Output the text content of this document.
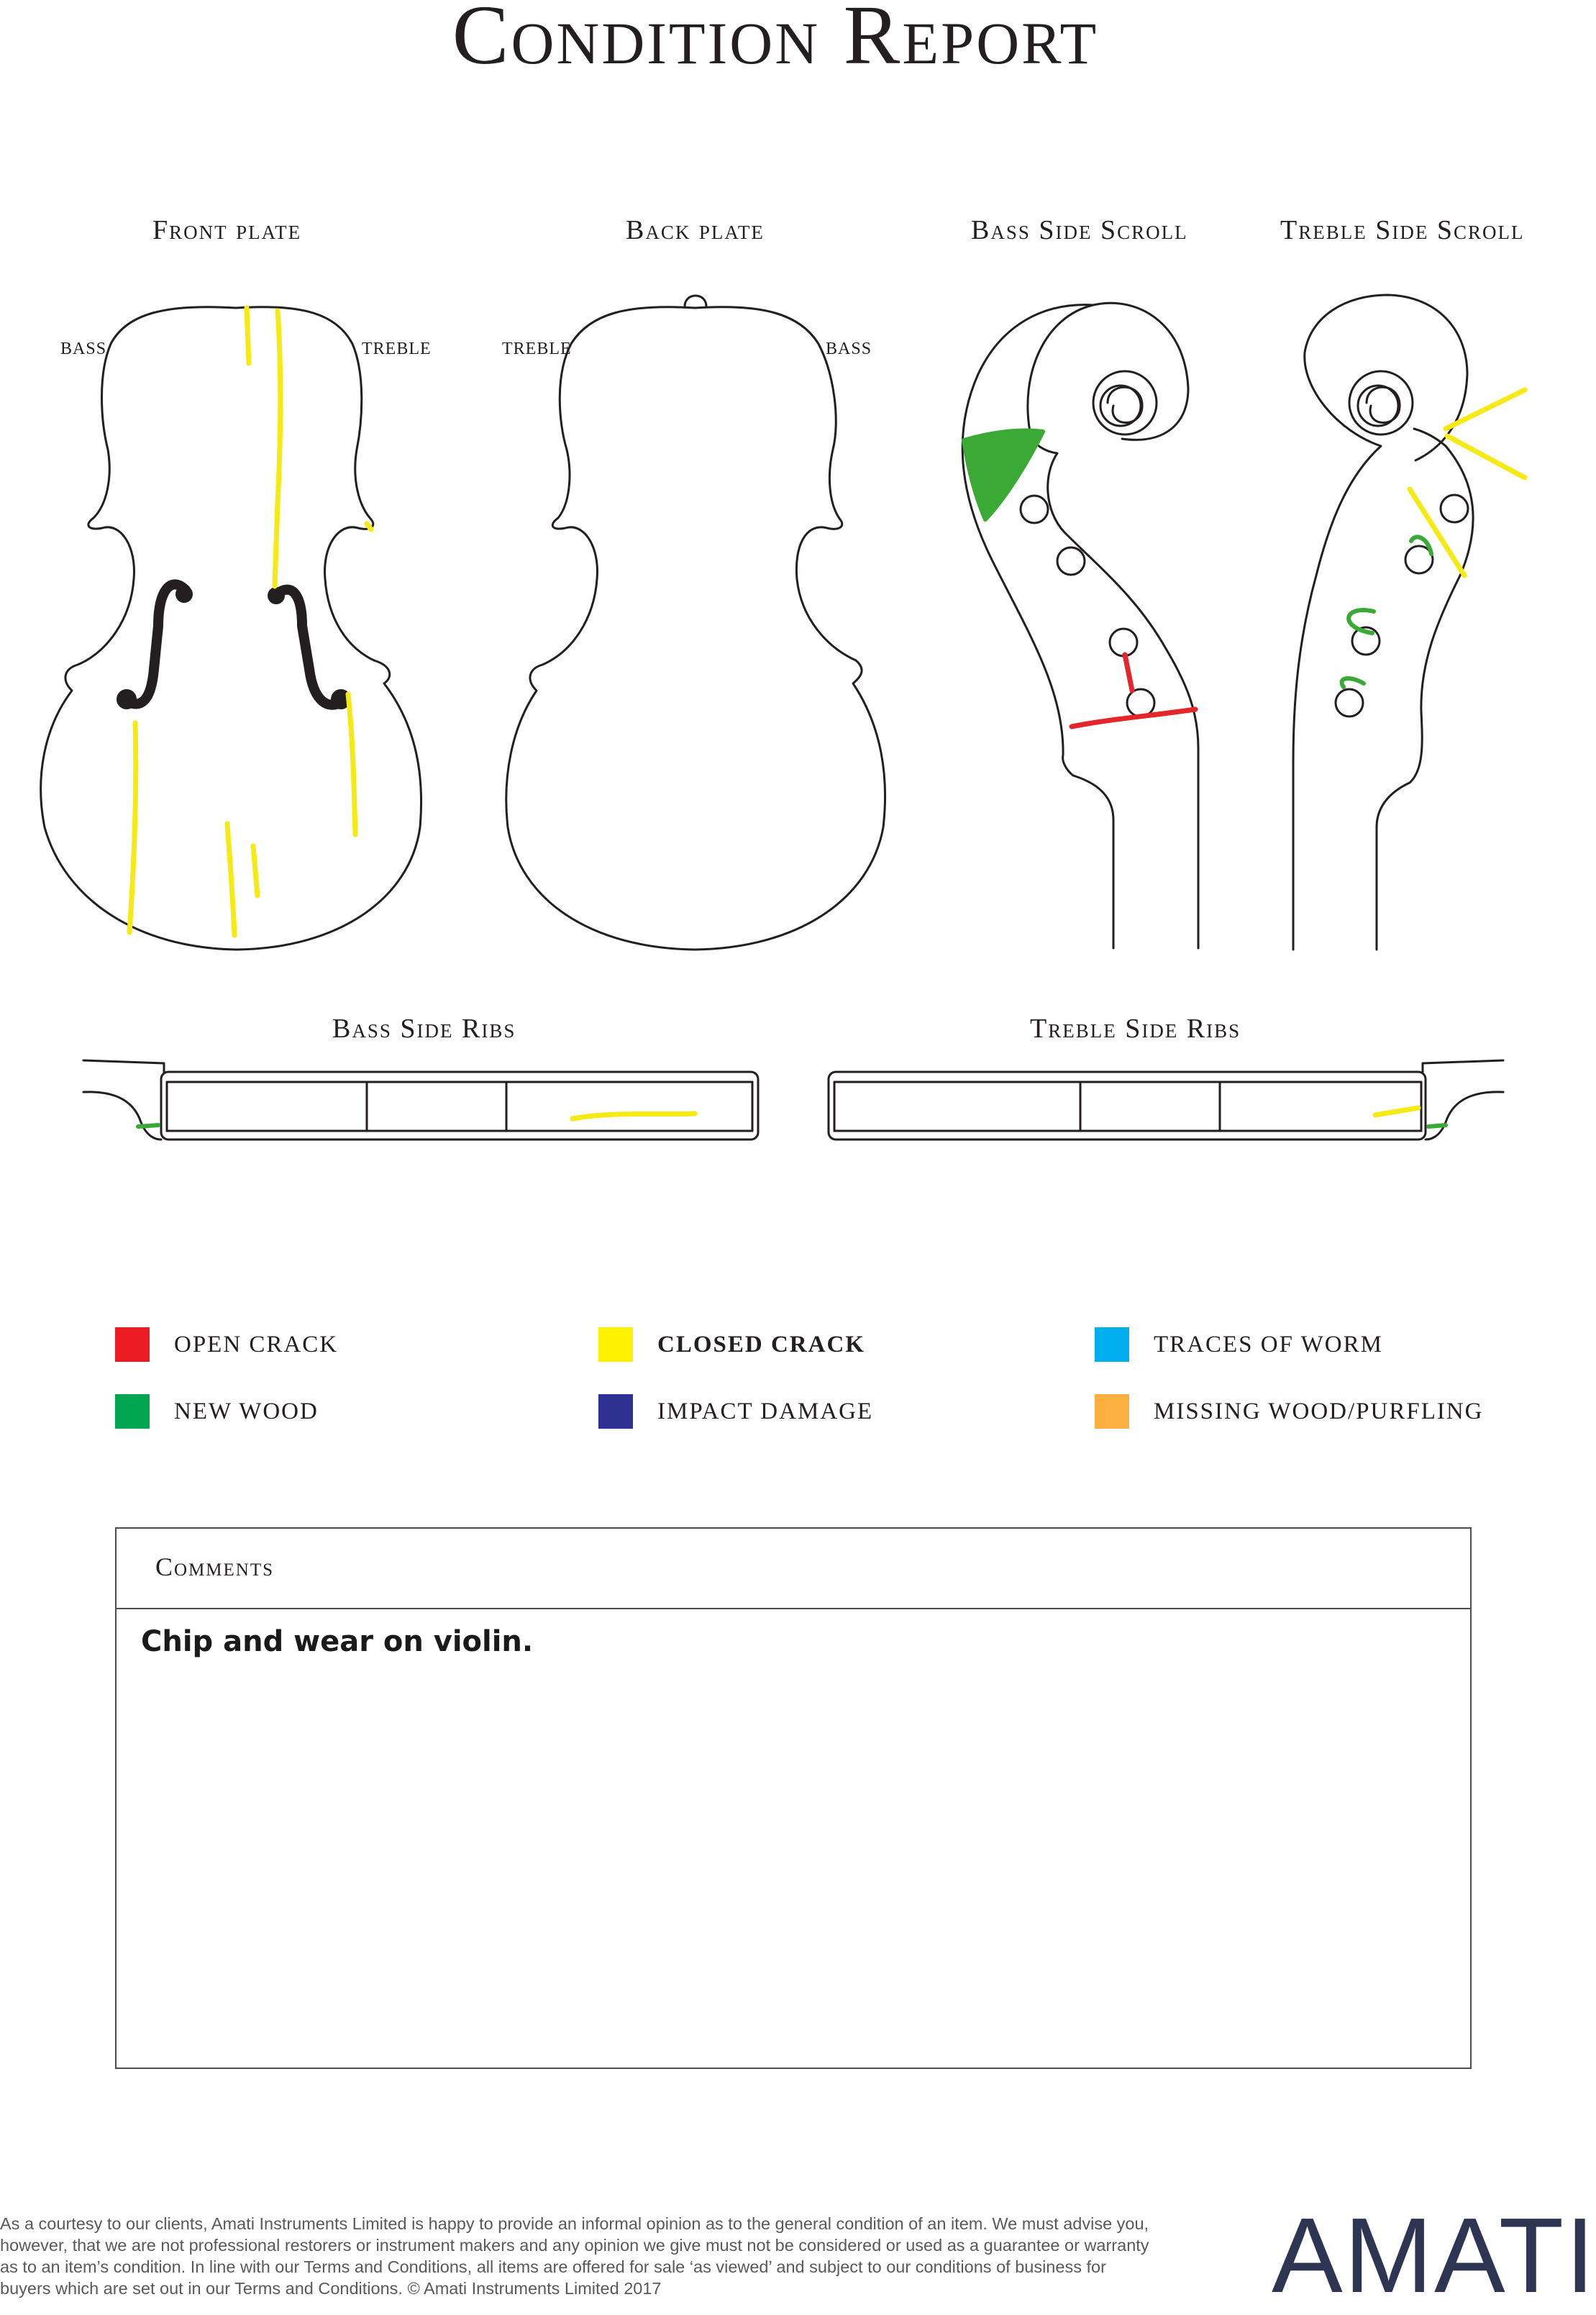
Condition Report
Front plate	Back plate	Bass Side Scroll	Treble Side Scroll
Bass Side Ribs	Treble Side Ribs
BASS	TREBLE	TREBLE	BASS
OPEN CRACK	CLOSED CRACK	TRACES OF WORM
NEW WOOD	IMPACT DAMAGE	MISSING WOOD/PURFLING
Comments
Chip and wear on violin.
As a courtesy to our clients, Amati Instruments Limited is happy to provide an informal opinion as to the general condition of an item. We must advise you, however, that we are not professional restorers or instrument makers and any opinion we give must not be considered or used as a guarantee or warranty as to an item’s condition. In line with our Terms and Conditions, all items are offered for sale ‘as viewed’ and subject to our conditions of business for buyers which are set out in our Terms and Conditions. © Amati Instruments Limited 2017	AMATI
